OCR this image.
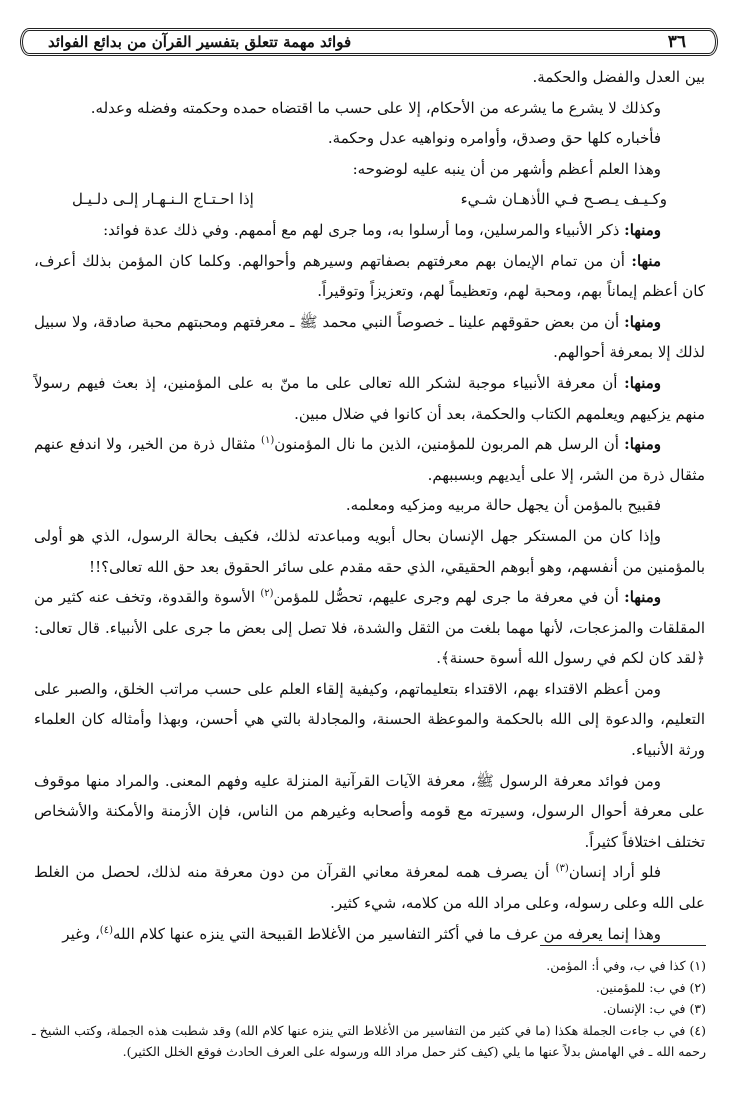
٣٦
فوائد مهمة تتعلق بتفسير القرآن من بدائع الفوائد

بين العدل والفضل والحكمة.

وكذلك لا يشرع ما يشرعه من الأحكام، إلا على حسب ما اقتضاه حمده وحكمته وفضله وعدله.

فأخباره كلها حق وصدق، وأوامره ونواهيه عدل وحكمة.

وهذا العلم أعظم وأشهر من أن ينبه عليه لوضوحه:

وكـيـف يـصـح فـي الأذهـان شـيء
إذا احـتـاج الـنـهـار إلـى دلـيـل

ومنها: ذكر الأنبياء والمرسلين، وما أرسلوا به، وما جرى لهم مع أممهم. وفي ذلك عدة فوائد:

منها: أن من تمام الإيمان بهم معرفتهم بصفاتهم وسيرهم وأحوالهم. وكلما كان المؤمن بذلك أعرف، كان أعظم إيماناً بهم، ومحبة لهم، وتعظيماً لهم، وتعزيزاً وتوقيراً.

ومنها: أن من بعض حقوقهم علينا ـ خصوصاً النبي محمد ﷺ ـ معرفتهم ومحبتهم محبة صادقة، ولا سبيل لذلك إلا بمعرفة أحوالهم.

ومنها: أن معرفة الأنبياء موجبة لشكر الله تعالى على ما منّ به على المؤمنين، إذ بعث فيهم رسولاً منهم يزكيهم ويعلمهم الكتاب والحكمة، بعد أن كانوا في ضلال مبين.

ومنها: أن الرسل هم المربون للمؤمنين، الذين ما نال المؤمنون$^{(١)}$ مثقال ذرة من الخير، ولا اندفع عنهم مثقال ذرة من الشر، إلا على أيديهم وبسببهم.

فقبيح بالمؤمن أن يجهل حالة مربيه ومزكيه ومعلمه.

وإذا كان من المستكر جهل الإنسان بحال أبويه ومباعدته لذلك، فكيف بحالة الرسول، الذي هو أولى بالمؤمنين من أنفسهم، وهو أبوهم الحقيقي، الذي حقه مقدم على سائر الحقوق بعد حق الله تعالى؟!!

ومنها: أن في معرفة ما جرى لهم وجرى عليهم، تحصُّل للمؤمن$^{(٢)}$ الأسوة والقدوة، وتخف عنه كثير من المقلقات والمزعجات، لأنها مهما بلغت من الثقل والشدة، فلا تصل إلى بعض ما جرى على الأنبياء. قال تعالى: ﴿لقد كان لكم في رسول الله أسوة حسنة﴾.

ومن أعظم الاقتداء بهم، الاقتداء بتعليماتهم، وكيفية إلقاء العلم على حسب مراتب الخلق، والصبر على التعليم، والدعوة إلى الله بالحكمة والموعظة الحسنة، والمجادلة بالتي هي أحسن، وبهذا وأمثاله كان العلماء ورثة الأنبياء.

ومن فوائد معرفة الرسول ﷺ، معرفة الآيات القرآنية المنزلة عليه وفهم المعنى. والمراد منها موقوف على معرفة أحوال الرسول، وسيرته مع قومه وأصحابه وغيرهم من الناس، فإن الأزمنة والأمكنة والأشخاص تختلف اختلافاً كثيراً.

فلو أراد إنسان$^{(٣)}$ أن يصرف همه لمعرفة معاني القرآن من دون معرفة منه لذلك، لحصل من الغلط على الله وعلى رسوله، وعلى مراد الله من كلامه، شيء كثير.

وهذا إنما يعرفه من عرف ما في أكثر التفاسير من الأغلاط القبيحة التي ينزه عنها كلام الله$^{(٤)}$، وغير

(١) كذا في ب، وفي أ: المؤمن.

(٢) في ب: للمؤمنين.

(٣) في ب: الإنسان.

(٤) في ب جاءت الجملة هكذا (ما في كثير من التفاسير من الأغلاط التي ينزه عنها كلام الله) وقد شطبت هذه الجملة، وكتب الشيخ ـ رحمه الله ـ في الهامش بدلاً عنها ما يلي (كيف كثر حمل مراد الله ورسوله على العرف الحادث فوقع الخلل الكثير).
